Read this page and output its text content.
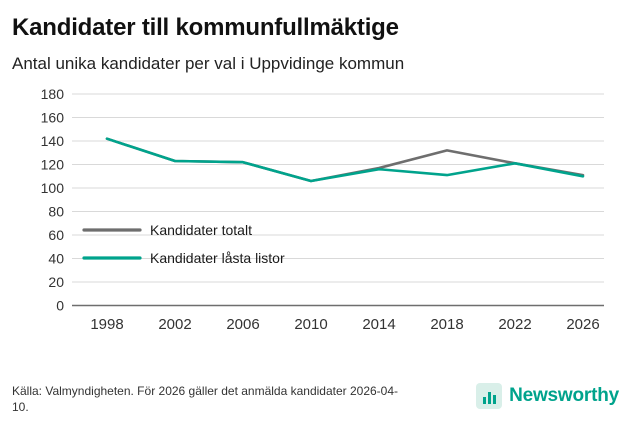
Kandidater till kommunfullmäktige
Antal unika kandidater per val i Uppvidinge kommun
0
20
40
60
80
100
120
140
160
180
1998 2002 2006 2010 2014 2018 2022 2026
Kandidater totalt
Kandidater låsta listor
Källa: Valmyndigheten. För 2026 gäller det anmälda kandidater 2026-04-10.
Newsworthy
